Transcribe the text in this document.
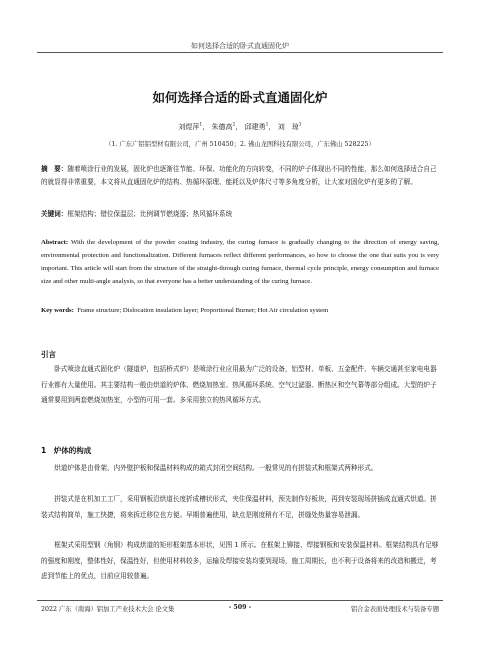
如何选择合适的卧式直通固化炉
如何选择合适的卧式直通固化炉
刘煜萍$^1$， 朱德高$^2$， 邱建勇$^1$， 刘　琼$^1$
（1. 广东广铝铝型材有限公司，广州 510450；2. 佛山龙图科技有限公司，广东佛山 528225）
摘　要：随着喷涂行业的发展，固化炉也逐渐往节能、环保、功能化的方向转变，不同的炉子体现出不同的性能，那么如何选择适合自己的就显得非常重要，本文将从直通固化炉的结构、热循环原理、能耗以及炉体尺寸等多角度分析，让大家对固化炉有更多的了解。
关键词：框架结构；错位保温层；比例调节燃烧器；热风循环系统
Abstract: With the development of the powder coating industry, the curing furnace is gradually changing to the direction of energy saving, environmental protection and functionalization. Different furnaces reflect different performances, so how to choose the one that suits you is very important. This article will start from the structure of the straight-through curing furnace, thermal cycle principle, energy consumption and furnace size and other multi-angle analysis, so that everyone has a better understanding of the curing furnace.
Key words: Frame structure; Dislocation insulation layer; Proportional Burner; Hot Air circulation system
引言
卧式喷涂直通式固化炉（隧道炉，包括桥式炉）是喷涂行业应用最为广泛的设备，铝型材、单板、五金配件、车辆交通甚至家电电器行业都有大量使用。其主要结构一般由烘道的炉体、燃烧加热室、热风循环系统、空气过滤器、断热区和空气幕等部分组成。大型的炉子通常要用到两套燃烧加热室，小型的可用一套。多采用独立的热风循环方式。
1　炉体的构成
烘道炉体是由骨架、内外壁护板和保温材料构成的箱式封闭空间结构。一般常见的有拼装式和框架式两种形式。
拼装式是在机加工工厂，采用钢板沿烘道长度折成槽状形式，夹住保温材料，预先制作好板块，再到安装现场拼插成直通式烘道。拼装式结构简单，施工快捷，将来拆迁移位也方便。早期普遍使用，缺点是刚度稍有不足，拼缝处热量容易泄漏。
框架式采用型钢（角钢）构成烘道的矩形框架基本形状，见图 1 所示。在框架上铆接、焊接钢板和安装保温材料。框架结构具有足够的强度和刚度，整体性好，保温性好，但使用材料较多，运输及焊接安装均要到现场，施工周期长，也不利于设备将来的改造和搬迁，考虑到节能上的优点，目前应用较普遍。
2022 广东（南海）铝加工产业技术大会 论文集	- 509 -	铝合金表面处理技术与装备专题
